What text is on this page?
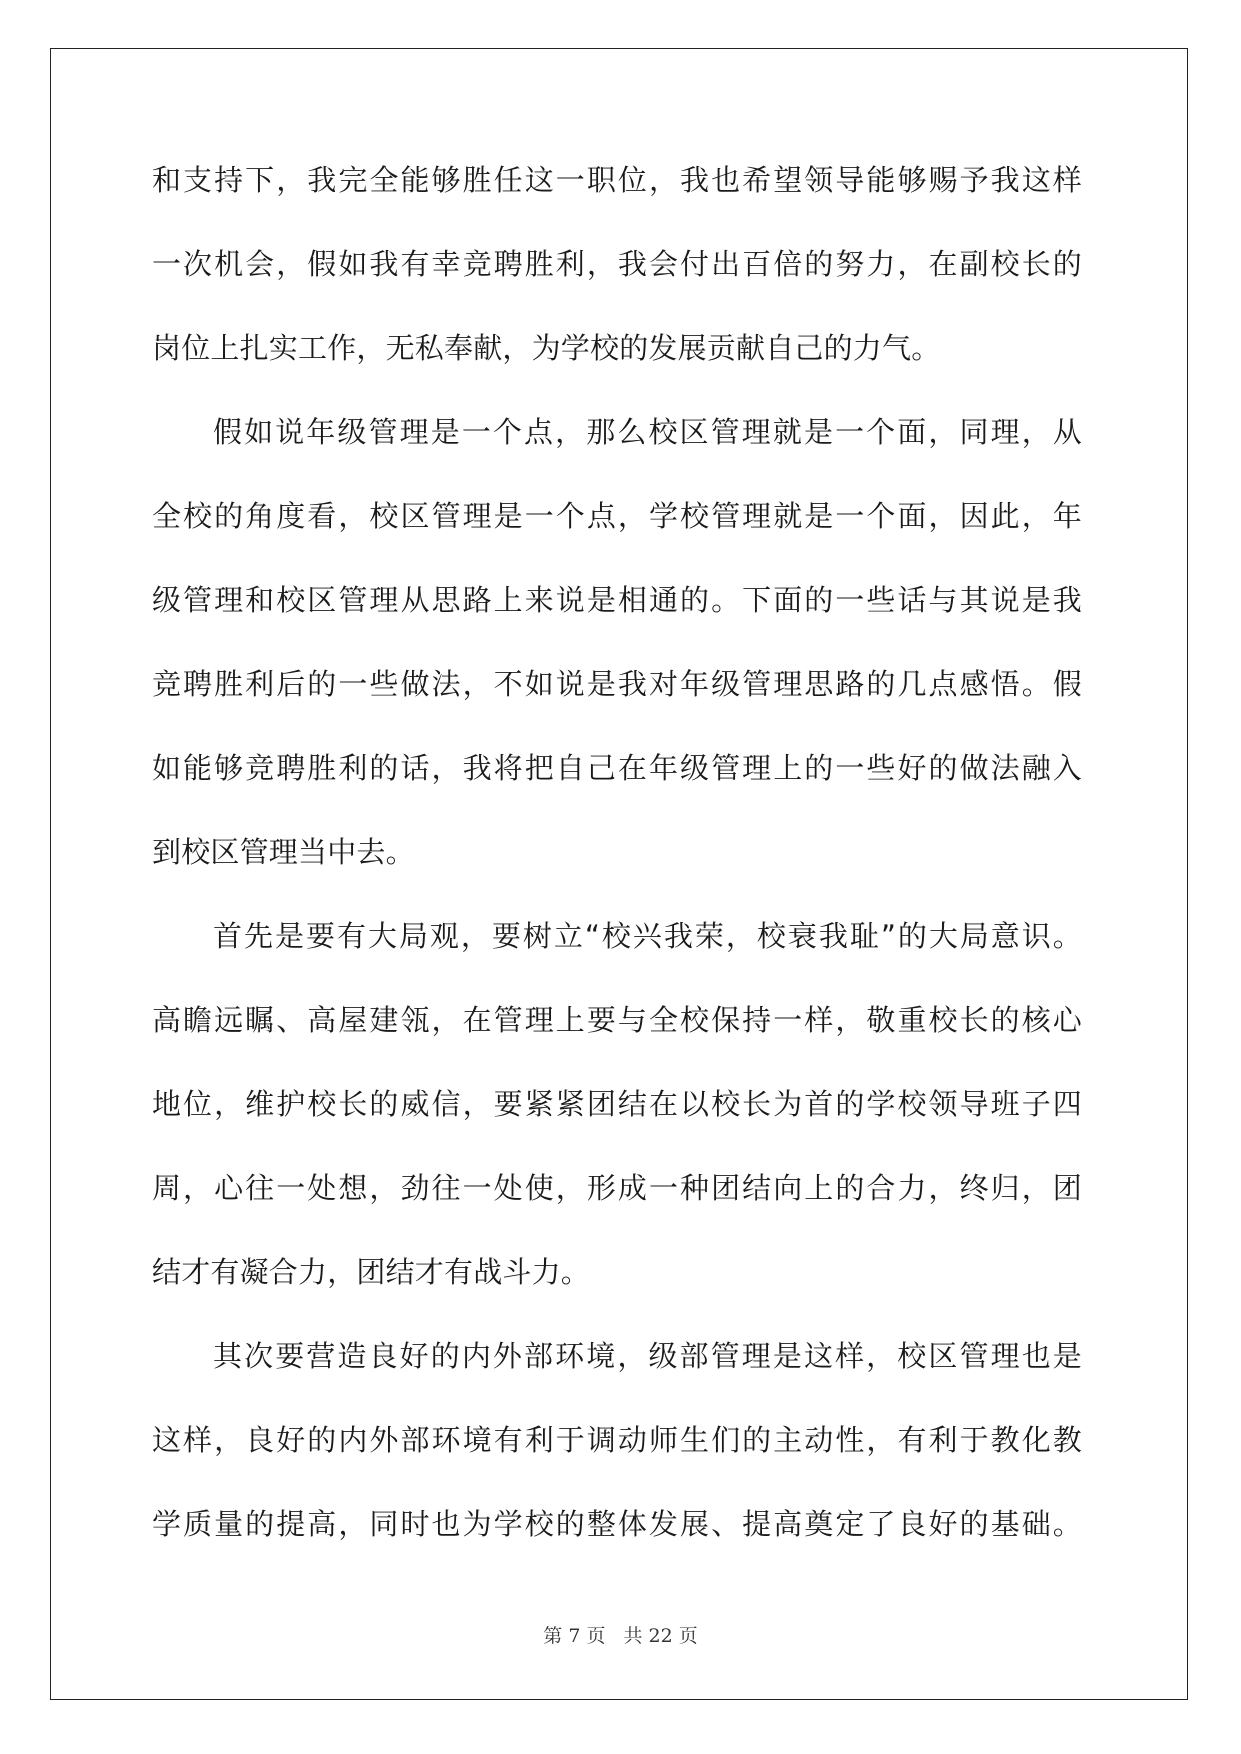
和支持下，我完全能够胜任这一职位，我也希望领导能够赐予我这样
一次机会，假如我有幸竞聘胜利，我会付出百倍的努力，在副校长的
岗位上扎实工作，无私奉献，为学校的发展贡献自己的力气。
假如说年级管理是一个点，那么校区管理就是一个面，同理，从
全校的角度看，校区管理是一个点，学校管理就是一个面，因此，年
级管理和校区管理从思路上来说是相通的。下面的一些话与其说是我
竞聘胜利后的一些做法，不如说是我对年级管理思路的几点感悟。假
如能够竞聘胜利的话，我将把自己在年级管理上的一些好的做法融入
到校区管理当中去。
首先是要有大局观，要树立“校兴我荣，校衰我耻”的大局意识。
高瞻远瞩、高屋建瓴，在管理上要与全校保持一样，敬重校长的核心
地位，维护校长的威信，要紧紧团结在以校长为首的学校领导班子四
周，心往一处想，劲往一处使，形成一种团结向上的合力，终归，团
结才有凝合力，团结才有战斗力。
其次要营造良好的内外部环境，级部管理是这样，校区管理也是
这样，良好的内外部环境有利于调动师生们的主动性，有利于教化教
学质量的提高，同时也为学校的整体发展、提高奠定了良好的基础。
第 7 页 共 22 页
